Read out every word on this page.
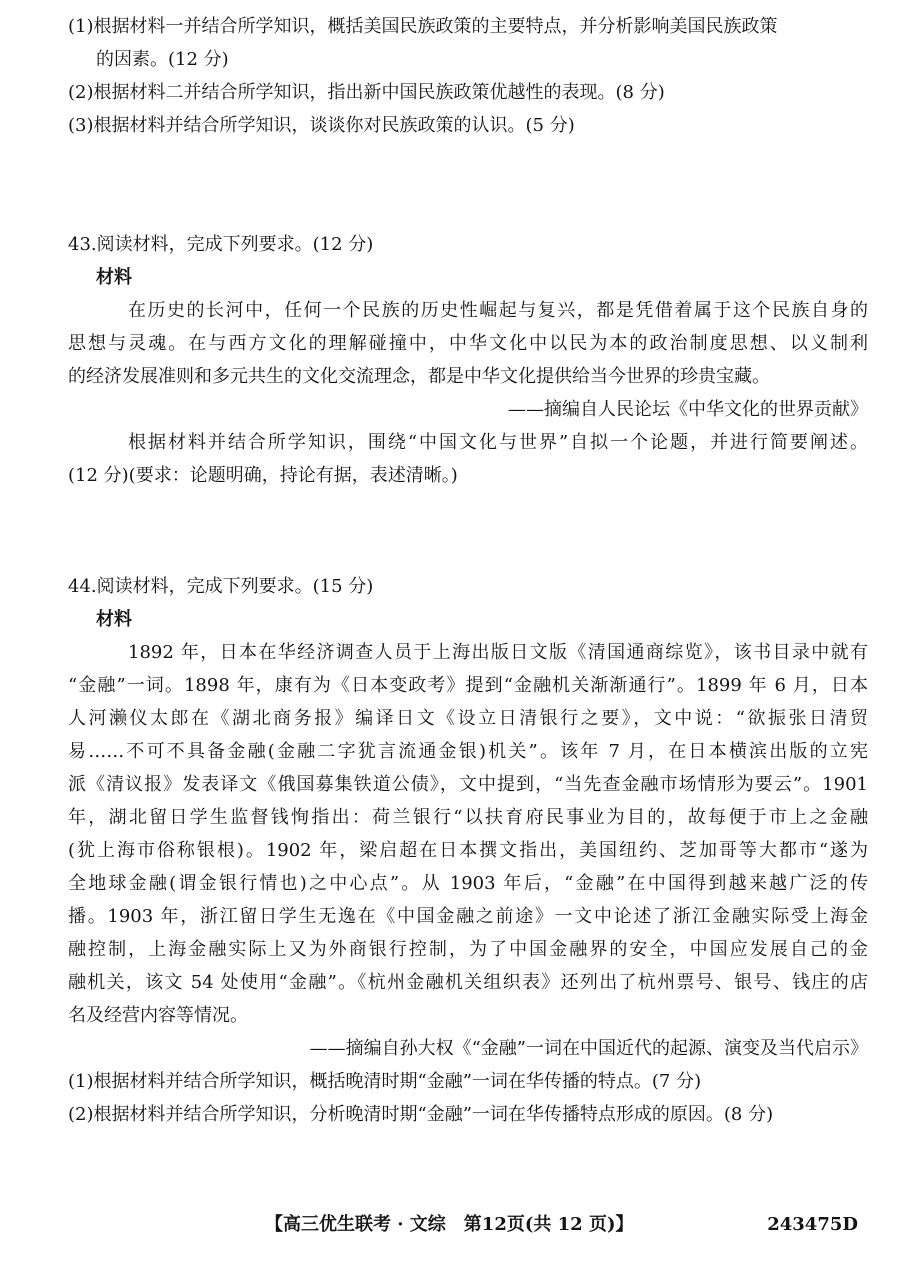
(1)根据材料一并结合所学知识，概括美国民族政策的主要特点，并分析影响美国民族政策
的因素。(12 分)
(2)根据材料二并结合所学知识，指出新中国民族政策优越性的表现。(8 分)
(3)根据材料并结合所学知识，谈谈你对民族政策的认识。(5 分)
43.阅读材料，完成下列要求。(12 分)
材料
在历史的长河中，任何一个民族的历史性崛起与复兴，都是凭借着属于这个民族自身的
思想与灵魂。在与西方文化的理解碰撞中，中华文化中以民为本的政治制度思想、以义制利
的经济发展准则和多元共生的文化交流理念，都是中华文化提供给当今世界的珍贵宝藏。
——摘编自人民论坛《中华文化的世界贡献》
根据材料并结合所学知识，围绕“中国文化与世界”自拟一个论题，并进行简要阐述。
(12 分)(要求：论题明确，持论有据，表述清晰。)
44.阅读材料，完成下列要求。(15 分)
材料
1892 年，日本在华经济调查人员于上海出版日文版《清国通商综览》，该书目录中就有
“金融”一词。1898 年，康有为《日本变政考》提到“金融机关渐渐通行”。1899 年 6 月，日本
人河濑仪太郎在《湖北商务报》编译日文《设立日清银行之要》，文中说：“欲振张日清贸
易……不可不具备金融(金融二字犹言流通金银)机关”。该年 7 月，在日本横滨出版的立宪
派《清议报》发表译文《俄国募集铁道公债》，文中提到，“当先查金融市场情形为要云”。1901
年，湖北留日学生监督钱恂指出：荷兰银行“以扶育府民事业为目的，故每便于市上之金融
(犹上海市俗称银根)。1902 年，梁启超在日本撰文指出，美国纽约、芝加哥等大都市“遂为
全地球金融(谓金银行情也)之中心点”。从 1903 年后，“金融”在中国得到越来越广泛的传
播。1903 年，浙江留日学生无逸在《中国金融之前途》一文中论述了浙江金融实际受上海金
融控制，上海金融实际上又为外商银行控制，为了中国金融界的安全，中国应发展自己的金
融机关，该文 54 处使用“金融”。《杭州金融机关组织表》还列出了杭州票号、银号、钱庄的店
名及经营内容等情况。
——摘编自孙大权《“金融”一词在中国近代的起源、演变及当代启示》
(1)根据材料并结合所学知识，概括晚清时期“金融”一词在华传播的特点。(7 分)
(2)根据材料并结合所学知识，分析晚清时期“金融”一词在华传播特点形成的原因。(8 分)
【高三优生联考 · 文综　第12页(共 12 页)】	243475D
